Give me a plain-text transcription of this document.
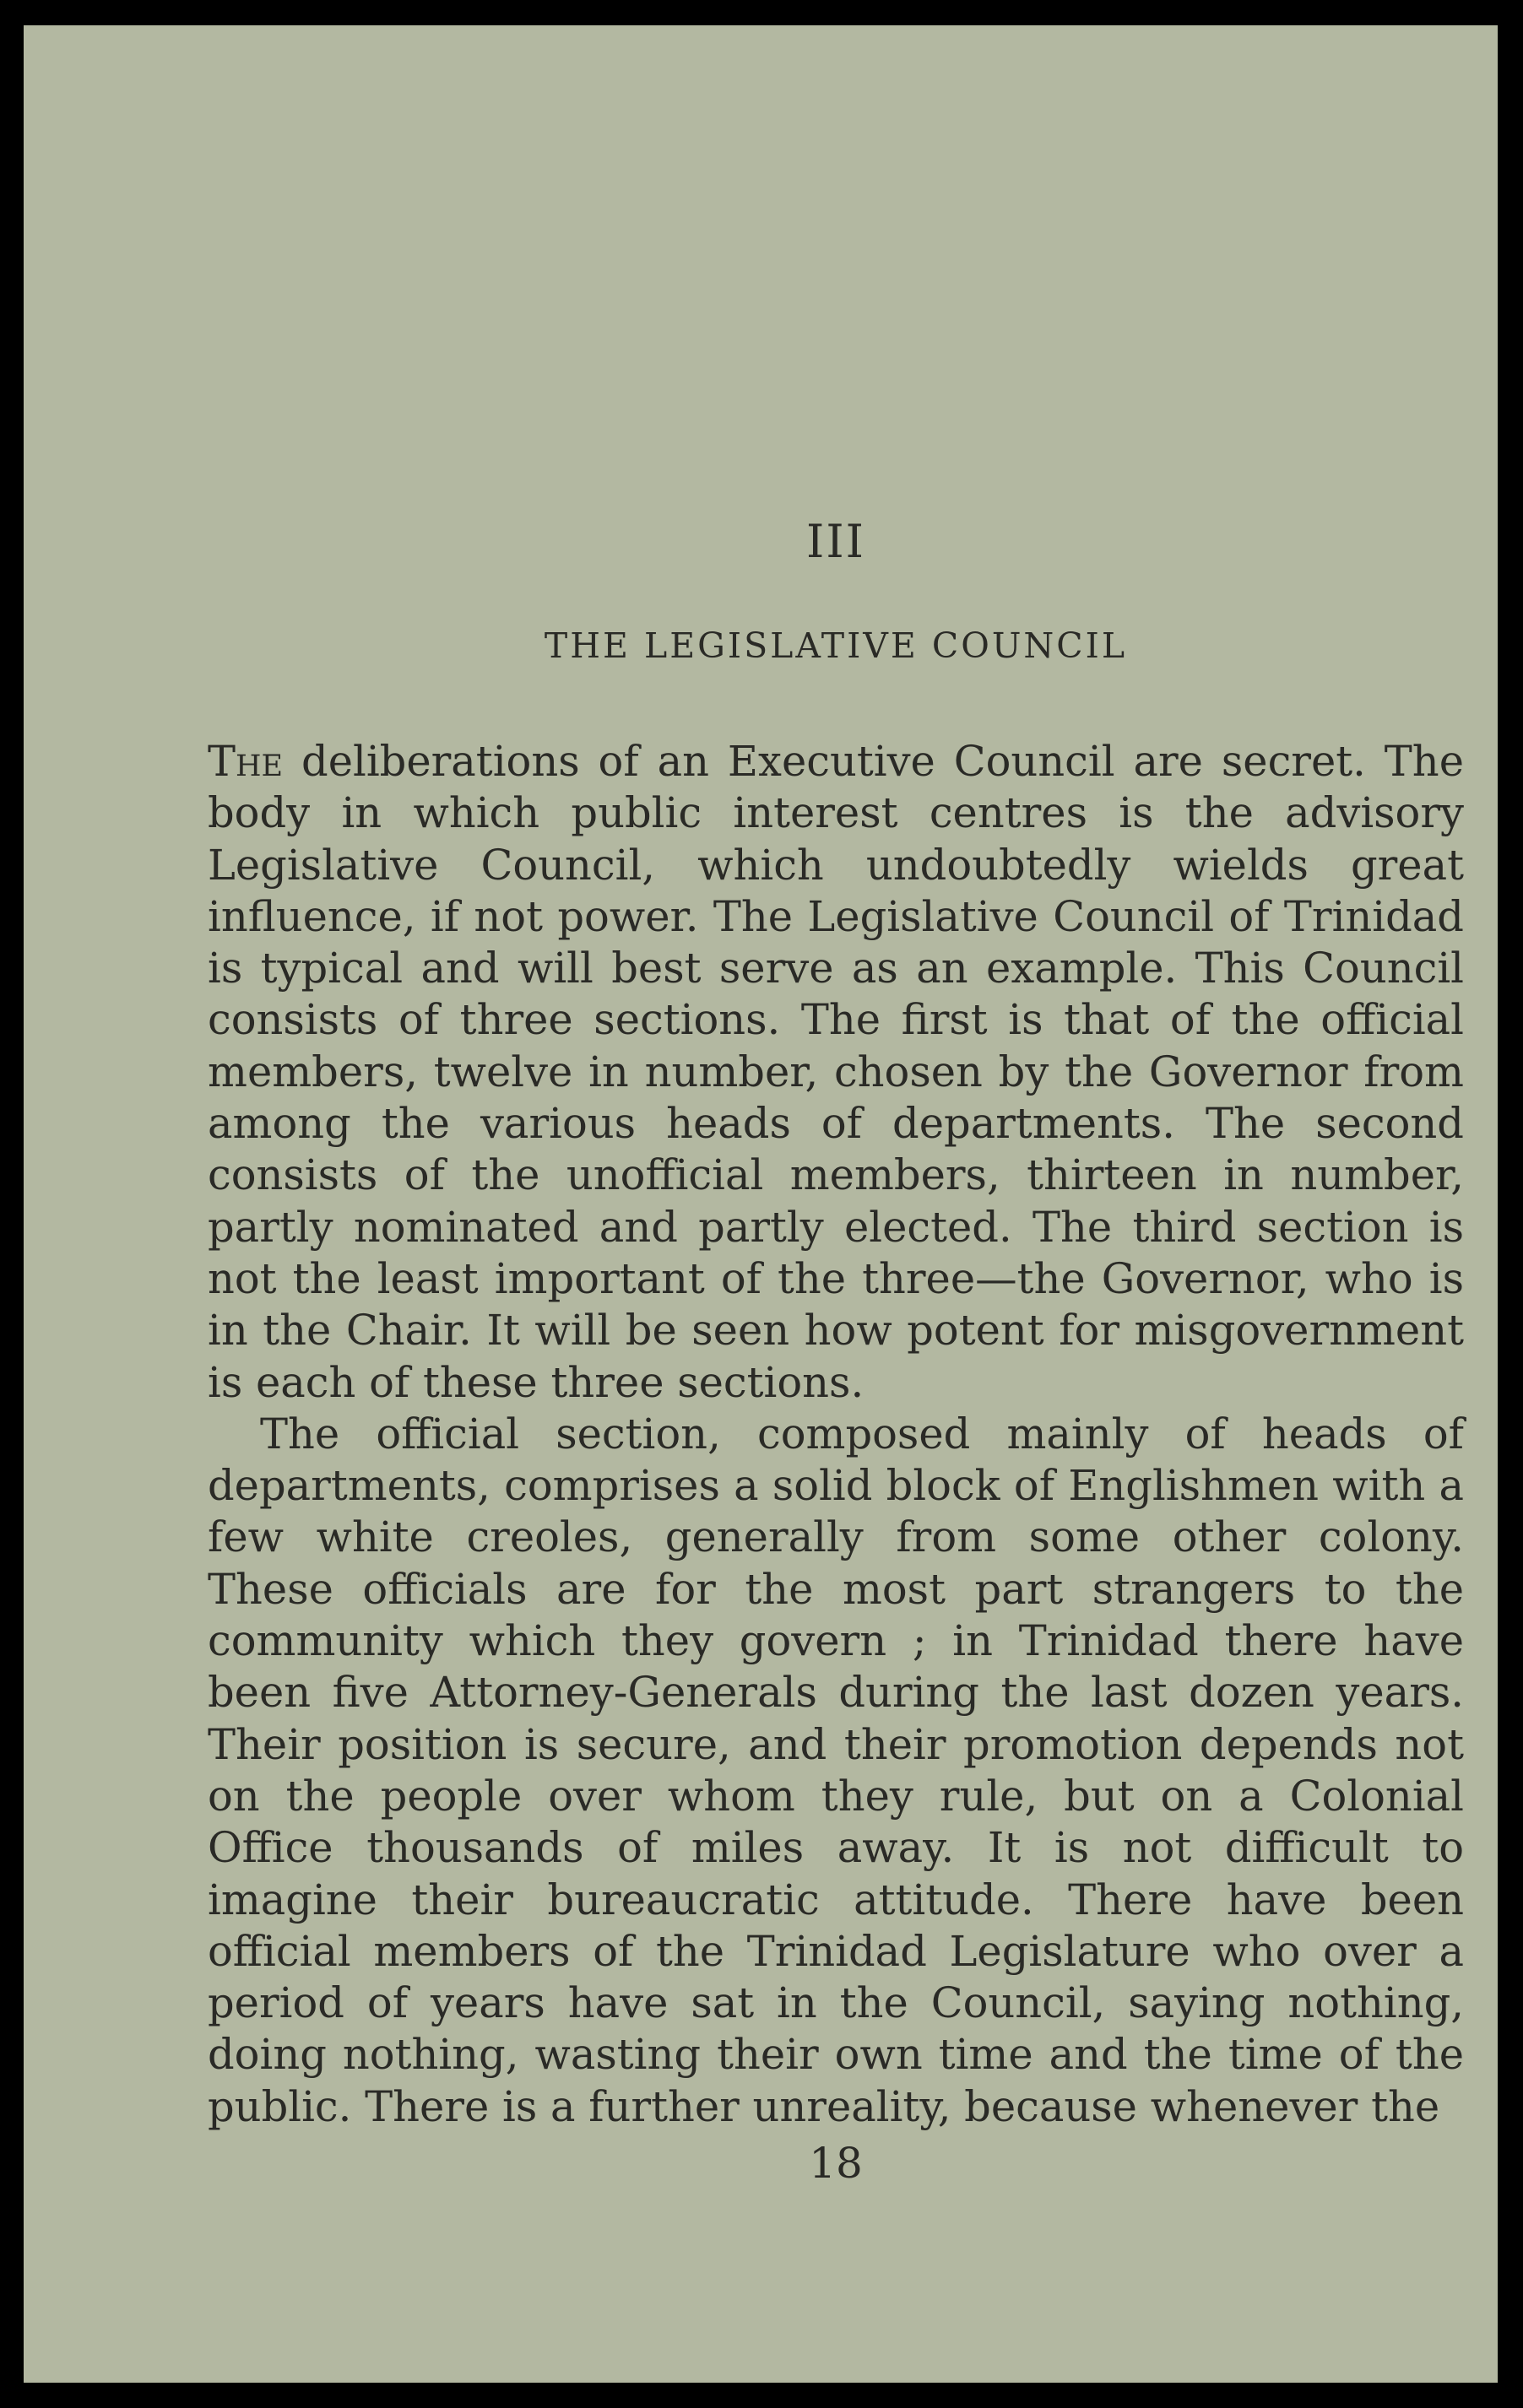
III
THE LEGISLATIVE COUNCIL

The deliberations of an Executive Council are secret. The body in which public interest centres is the advisory Legislative Council, which undoubtedly wields great influence, if not power. The Legislative Council of Trinidad is typical and will best serve as an example. This Council consists of three sections. The first is that of the official members, twelve in number, chosen by the Governor from among the various heads of departments. The second consists of the unofficial members, thirteen in number, partly nominated and partly elected. The third section is not the least important of the three—the Governor, who is in the Chair. It will be seen how potent for misgovernment is each of these three sections.

The official section, composed mainly of heads of departments, comprises a solid block of Englishmen with a few white creoles, generally from some other colony. These officials are for the most part strangers to the community which they govern ; in Trinidad there have been five Attorney-Generals during the last dozen years. Their position is secure, and their promotion depends not on the people over whom they rule, but on a Colonial Office thousands of miles away. It is not difficult to imagine their bureaucratic attitude. There have been official members of the Trinidad Legislature who over a period of years have sat in the Council, saying nothing, doing nothing, wasting their own time and the time of the public. There is a further unreality, because whenever the

18
